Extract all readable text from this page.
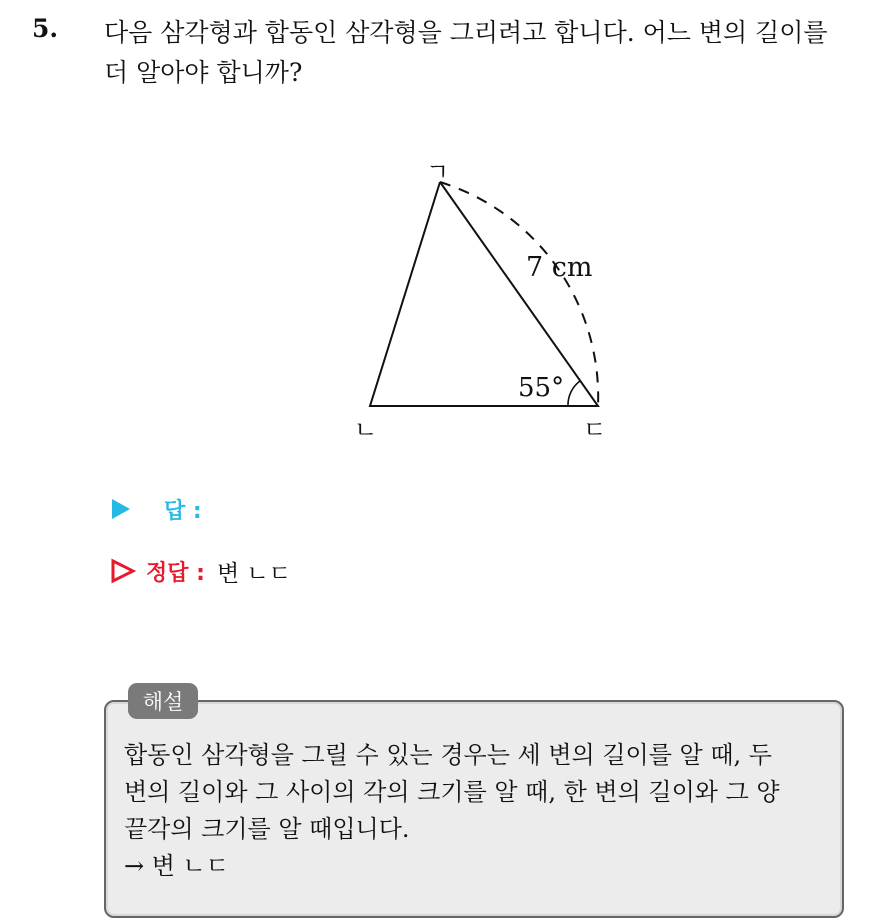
5. 다음 삼각형과 합동인 삼각형을 그리려고 합니다. 어느 변의 길이를
더 알아야 합니까?
ㄱ
ㄴ	ㄷ
7 cm
55°
답 :
정답 : 변 ㄴㄷ
해설
합동인 삼각형을 그릴 수 있는 경우는 세 변의 길이를 알 때, 두
변의 길이와 그 사이의 각의 크기를 알 때, 한 변의 길이와 그 양
끝각의 크기를 알 때입니다.
→ 변 ㄴㄷ
